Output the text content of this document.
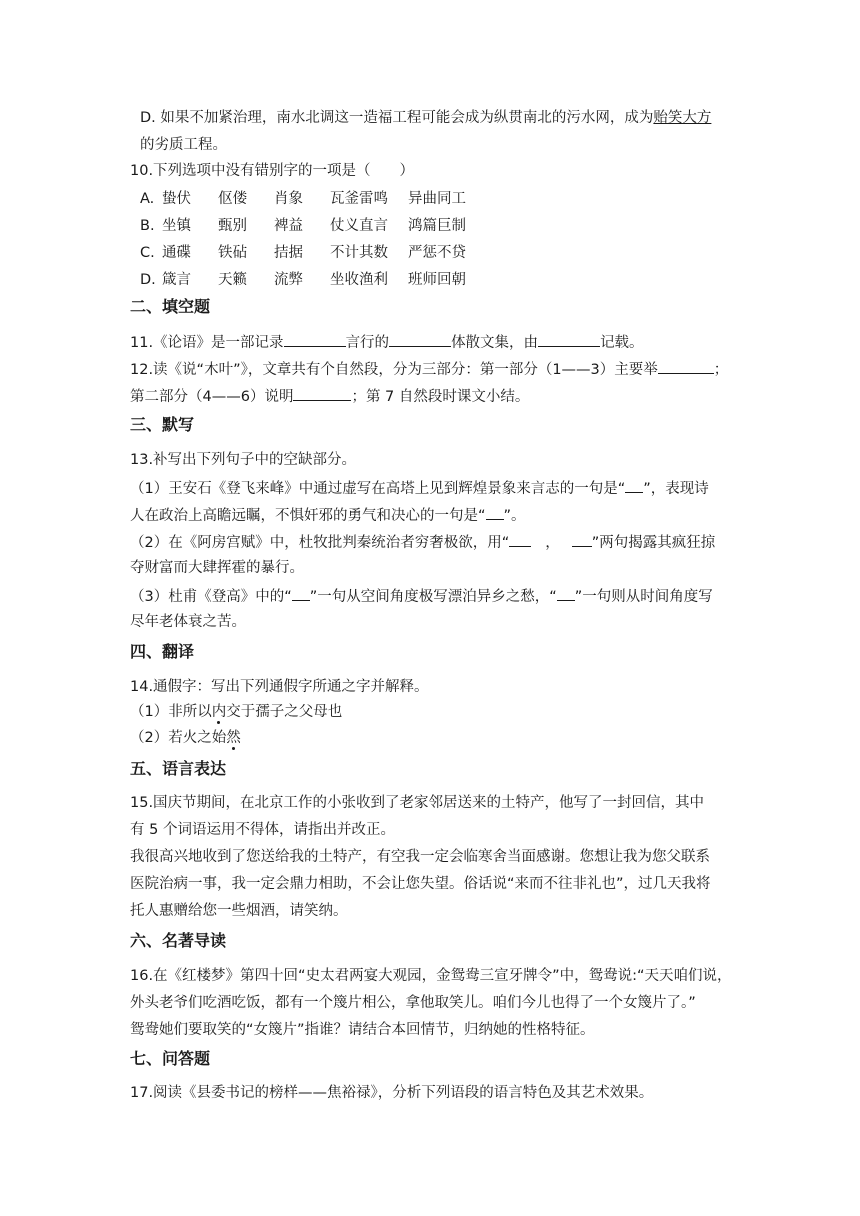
D. 如果不加紧治理，南水北调这一造福工程可能会成为纵贯南北的污水网，成为贻笑大方
的劣质工程。
10.下列选项中没有错别字的一项是（　　）
A. 蛰伏 伛偻 肖象 瓦釜雷鸣 异曲同工
B. 坐镇 甄别 裨益 仗义直言 鸿篇巨制
C. 通碟 铁砧 拮据 不计其数 严惩不贷
D. 箴言 天籁 流弊 坐收渔利 班师回朝
二、填空题
11.《论语》是一部记录	言行的	体散文集，由	记载。
12.读《说“木叶”》，文章共有个自然段，分为三部分：第一部分（1——3）主要举	；
第二部分（4——6）说明	；第 7 自然段时课文小结。
三、默写
13.补写出下列句子中的空缺部分。
（1）王安石《登飞来峰》中通过虚写在高塔上见到辉煌景象来言志的一句是“ ”，表现诗
人在政治上高瞻远瞩，不惧奸邪的勇气和决心的一句是“ ”。
（2）在《阿房宫赋》中，杜牧批判秦统治者穷奢极欲，用“ ， ”两句揭露其疯狂掠
夺财富而大肆挥霍的暴行。
（3）杜甫《登高》中的“ ”一句从空间角度极写漂泊异乡之愁，“ ”一句则从时间角度写
尽年老体衰之苦。
四、翻译
14.通假字：写出下列通假字所通之字并解释。
（1）非所以内交于孺子之父母也
（2）若火之始然
五、语言表达
15.国庆节期间，在北京工作的小张收到了老家邻居送来的土特产，他写了一封回信，其中
有 5 个词语运用不得体，请指出并改正。
我很高兴地收到了您送给我的土特产，有空我一定会临寒舍当面感谢。您想让我为您父联系
医院治病一事，我一定会鼎力相助，不会让您失望。俗话说“来而不往非礼也”，过几天我将
托人惠赠给您一些烟酒，请笑纳。
六、名著导读
16.在《红楼梦》第四十回“史太君两宴大观园，金鸳鸯三宣牙牌令”中，鸳鸯说:“天天咱们说，
外头老爷们吃酒吃饭，都有一个篾片相公，拿他取笑儿。咱们今儿也得了一个女篾片了。”
鸳鸯她们要取笑的“女篾片”指谁？请结合本回情节，归纳她的性格特征。
七、问答题
17.阅读《县委书记的榜样——焦裕禄》，分析下列语段的语言特色及其艺术效果。
